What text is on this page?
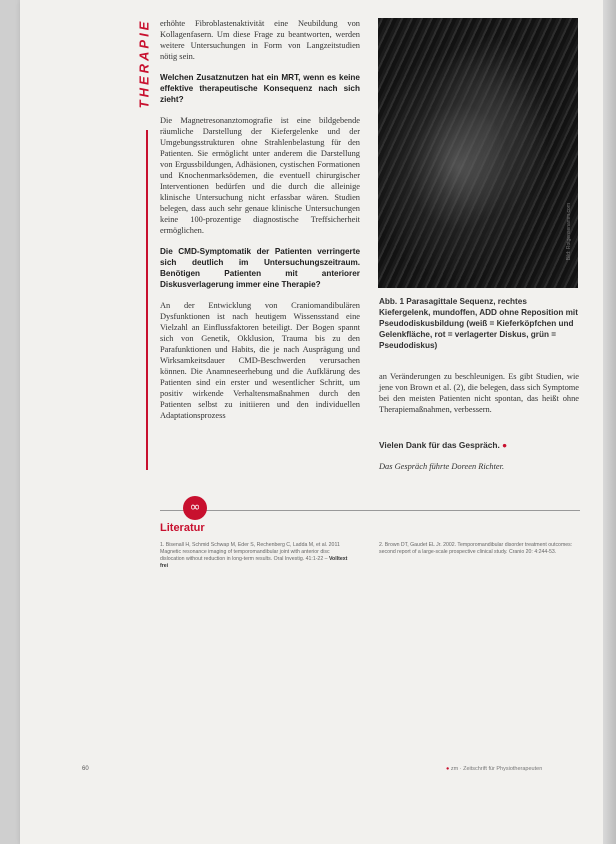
THERAPIE erhöhte Fibroblastenaktivität eine Neubildung von Kollagenfasern. Um diese Frage zu beantworten, werden weitere Untersuchungen in Form von Langzeitstudien nötig sein.

Welchen Zusatznutzen hat ein MRT, wenn es keine effektive therapeutische Konsequenz nach sich zieht?

Die Magnetresonanztomografie ist eine bildgebende räumliche Darstellung der Kiefergelenke und der Umgebungsstrukturen ohne Strahlenbelastung für den Patienten. Sie ermöglicht unter anderem die Darstellung von Ergussbildungen, Adhäsionen, cystischen Formationen und Knochenmarksödemen, die eventuell chirurgischer Interventionen bedürfen und die durch die alleinige klinische Untersuchung nicht erfassbar wären. Studien belegen, dass auch sehr genaue klinische Untersuchungen keine 100-prozentige diagnostische Treffsicherheit ermöglichen.

Die CMD-Symptomatik der Patienten verringerte sich deutlich im Untersuchungszeitraum. Benötigen Patienten mit anteriorer Diskusverlagerung immer eine Therapie?

An der Entwicklung von Craniomandibulären Dysfunktionen ist nach heutigem Wissensstand eine Vielzahl an Einflussfaktoren beteiligt. Der Bogen spannt sich von Genetik, Okklusion, Trauma bis zu den Parafunktionen und Habits, die je nach Ausprägung und Wirksamkeitsdauer CMD-Beschwerden verursachen können. Die Anamneseerhebung und die Aufklärung des Patienten sind ein erster und wesentlicher Schritt, um positiv wirkende Verhaltensmaßnahmen durch den Patienten selbst zu initiieren und den individuellen Adaptationsprozess

Bild: Rotgensenamm.com
Abb. 1 Parasagittale Sequenz, rechtes Kiefergelenk, mundoffen, ADD ohne Reposition mit Pseudodiskusbildung (weiß = Kieferköpfchen und Gelenkfläche, rot = verlagerter Diskus, grün = Pseudodiskus)

an Veränderungen zu beschleunigen. Es gibt Studien, wie jene von Brown et al. (2), die belegen, dass sich Symptome bei den meisten Patienten nicht spontan, das heißt ohne Therapiemaßnahmen, verbessern.

Vielen Dank für das Gespräch. ●
Das Gespräch führte Doreen Richter.
∞
Literatur
1. Bisenall H, Schmid Schwap M, Eder S, Rechenberg C, Ladda M, et al. 2011 Magnetic resonance imaging of temporomandibular joint with anterior disc dislocation without reduction in long-term results. Oral Investig. 41:1-22 – Volltext frei
2. Brown DT, Gaudet EL Jr. 2002. Temporomandibular disorder treatment outcomes: second report of a large-scale prospective clinical study. Cranio 20: 4:244-53.
60	● zm · Zeitschrift für Physiotherapeuten
